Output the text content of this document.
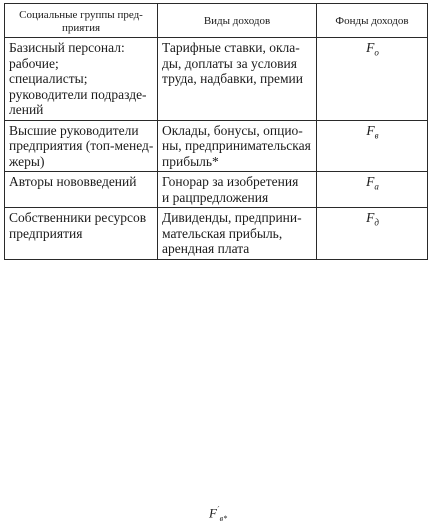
Социальные группы пред-
приятия	Виды доходов	Фонды доходов

Базисный персонал:
рабочие;
специалисты;
руководители подразде-
лений	Тарифные ставки, окла-
ды, доплаты за условия
труда, надбавки, премии	$F_о$

Высшие руководители
предприятия (топ-менед-
жеры)	Оклады, бонусы, опцио-
ны, предпринимательская
прибыль*	$F_в$

Авторы нововведений	Гонорар за изобретения
и рацпредложения	$F_а$

Собственники ресурсов
предприятия	Дивиденды, предприни-
мательская прибыль,
арендная плата	$F_д$
$F^´_{в*}$
